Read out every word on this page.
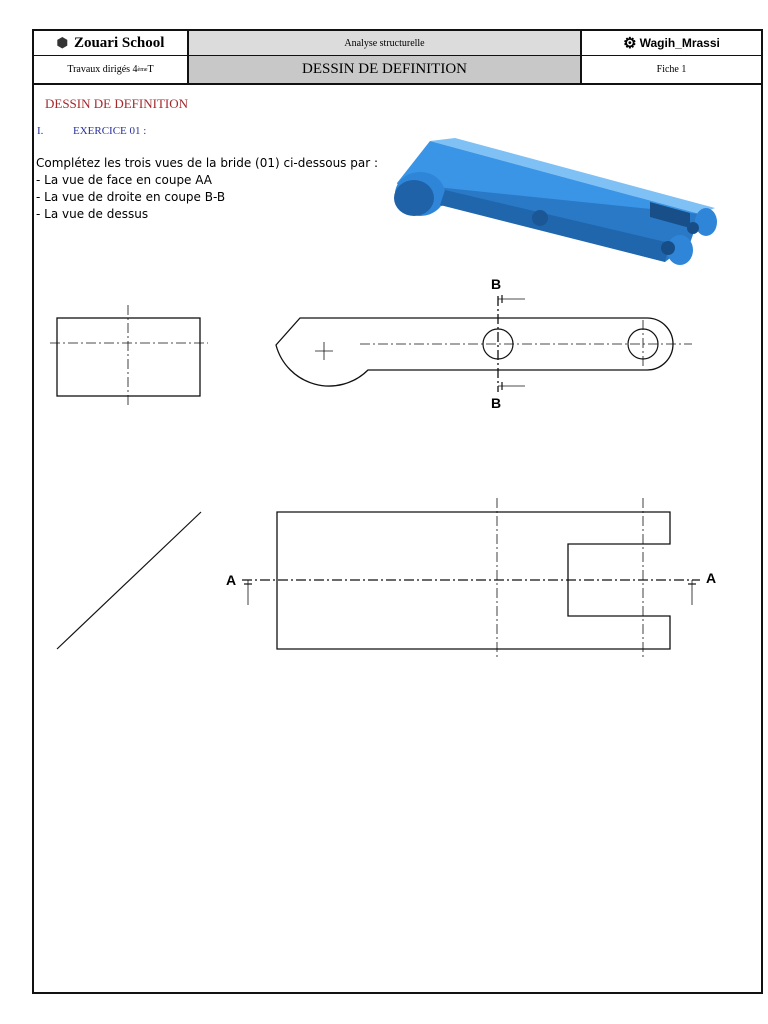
⬢ Zouari School	Analyse structurelle	⚙ Wagih_Mrassi
Travaux dirigés 4 ème T	DESSIN DE DEFINITION	Fiche 1
DESSIN DE DEFINITION
I.	EXERCICE 01 :
Complétez les trois vues de la bride (01) ci-dessous par :
- La vue de face en coupe AA
- La vue de droite en coupe B-B
- La vue de dessus
B
B
A	A
